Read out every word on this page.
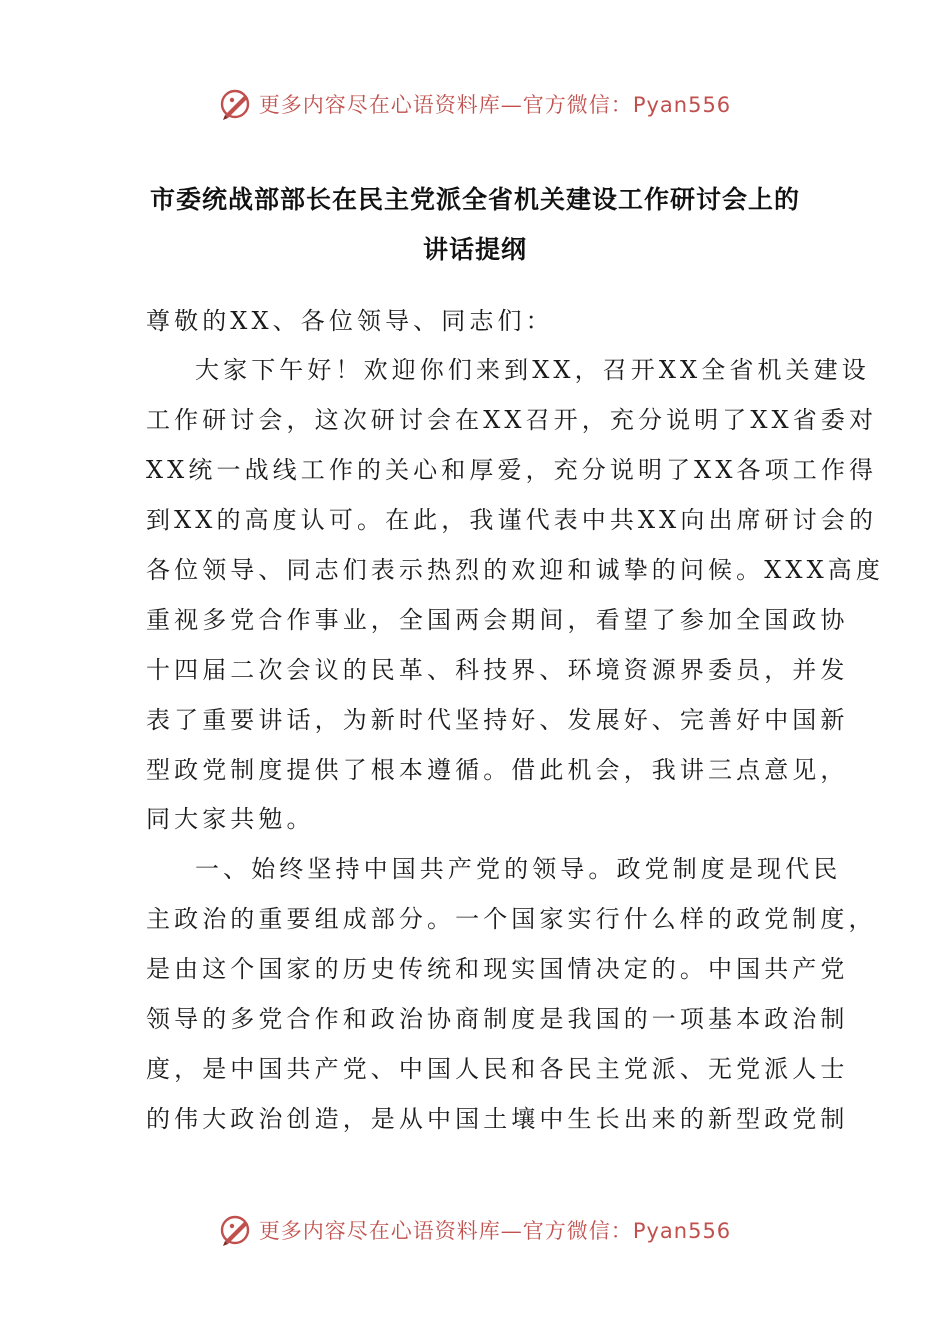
更多内容尽在心语资料库—官方微信：Pyan556
市委统战部部长在民主党派全省机关建设工作研讨会上的
讲话提纲
尊敬的XX、各位领导、同志们：
大家下午好！欢迎你们来到XX，召开XX全省机关建设
工作研讨会，这次研讨会在XX召开，充分说明了XX省委对
XX统一战线工作的关心和厚爱，充分说明了XX各项工作得
到XX的高度认可。在此，我谨代表中共XX向出席研讨会的
各位领导、同志们表示热烈的欢迎和诚挚的问候。XXX高度
重视多党合作事业，全国两会期间，看望了参加全国政协
十四届二次会议的民革、科技界、环境资源界委员，并发
表了重要讲话，为新时代坚持好、发展好、完善好中国新
型政党制度提供了根本遵循。借此机会，我讲三点意见，
同大家共勉。
一、始终坚持中国共产党的领导。政党制度是现代民
主政治的重要组成部分。一个国家实行什么样的政党制度，
是由这个国家的历史传统和现实国情决定的。中国共产党
领导的多党合作和政治协商制度是我国的一项基本政治制
度，是中国共产党、中国人民和各民主党派、无党派人士
的伟大政治创造，是从中国土壤中生长出来的新型政党制
更多内容尽在心语资料库—官方微信：Pyan556
